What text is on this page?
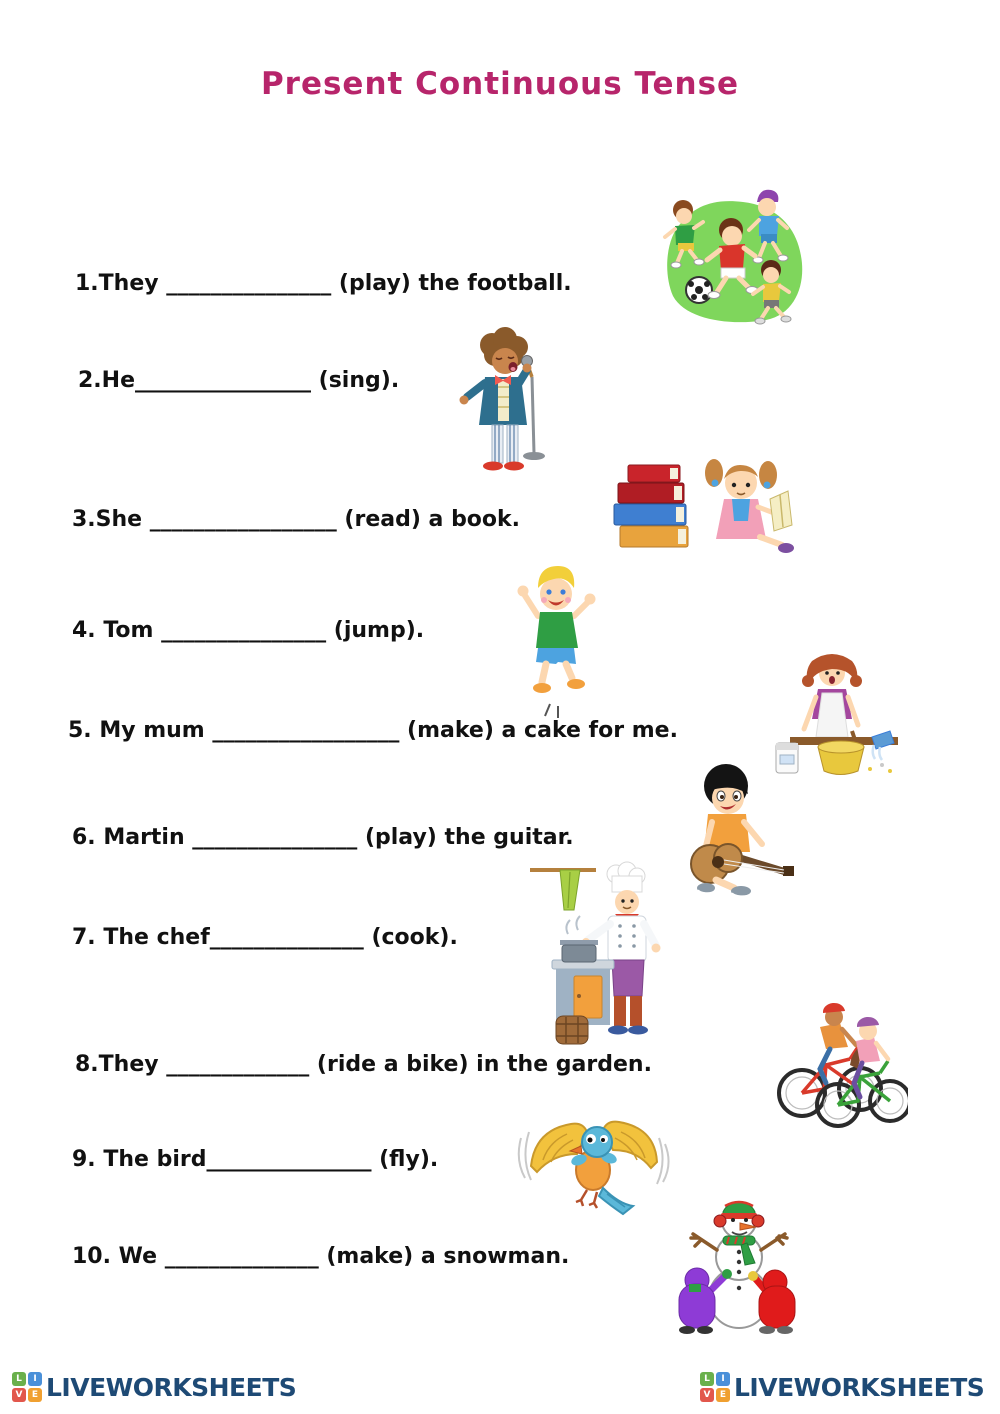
Present Continuous Tense
1.They _______________ (play) the football.
2.He________________ (sing).
3.She _________________ (read) a book.
4. Tom _______________ (jump).
5. My mum _________________ (make) a cake for me.
6. Martin _______________ (play) the guitar.
7. The chef______________ (cook).
8.They _____________ (ride a bike) in the garden.
9. The bird_______________ (fly).
10. We ______________ (make) a snowman.
L	I
V	E LIVEWORKSHEETS	L	I
V	E LIVEWORKSHEETS
